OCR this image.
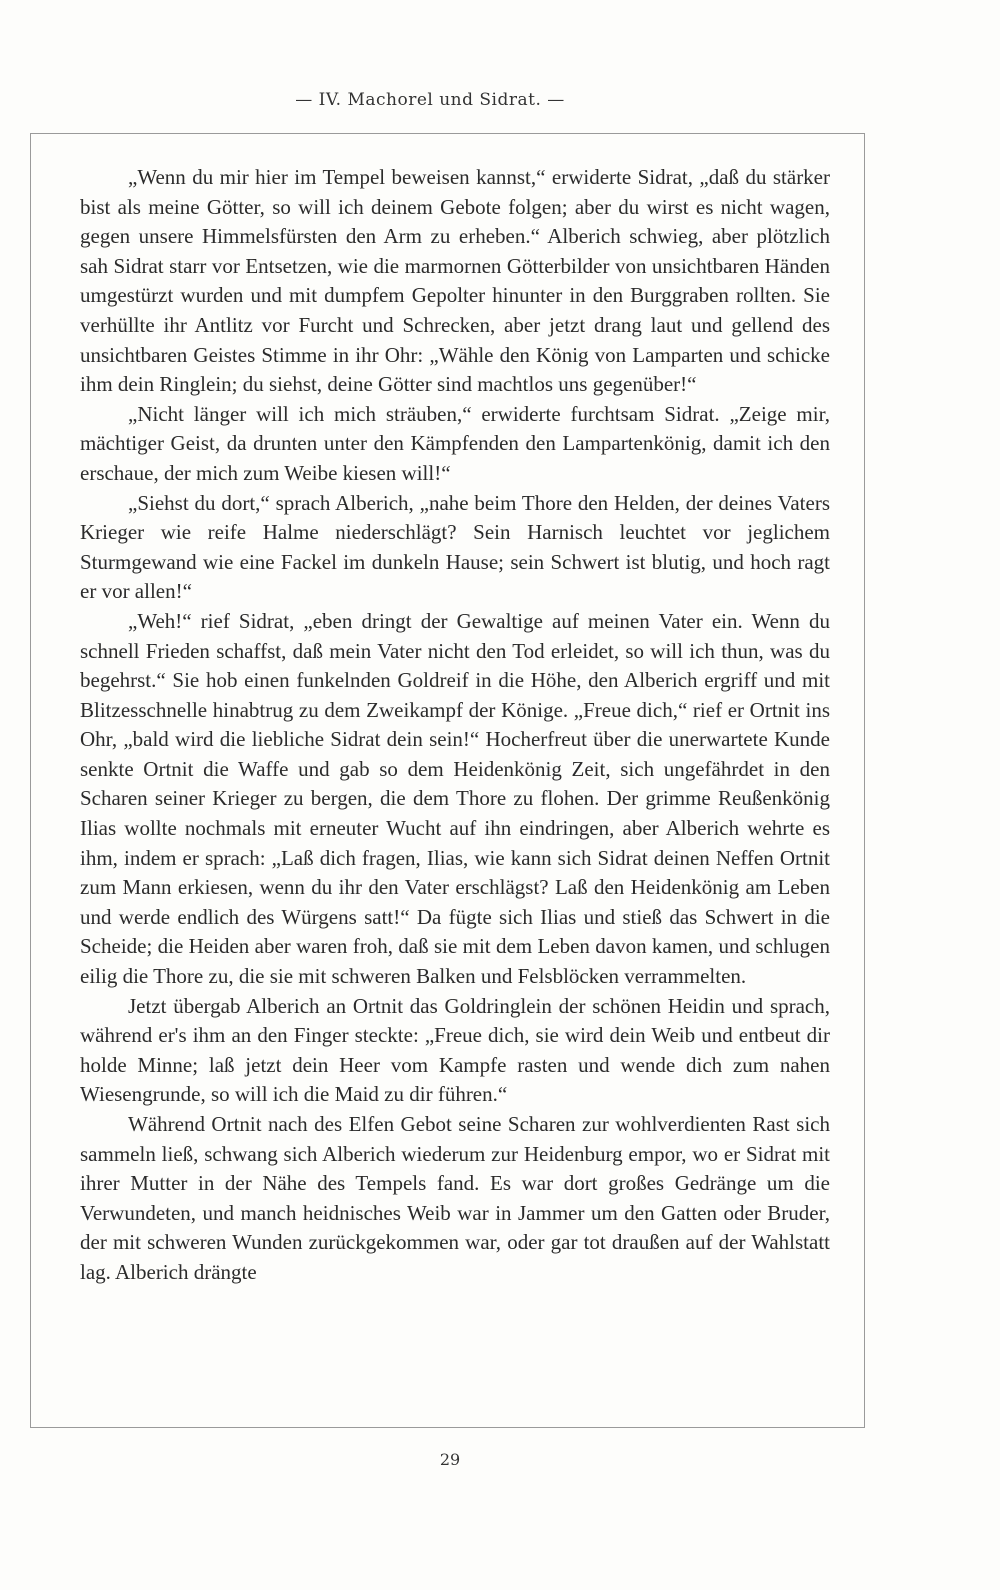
— IV. Machorel und Sidrat. —

„Wenn du mir hier im Tempel beweisen kannst,“ erwiderte Sidrat, „daß du stärker bist als meine Götter, so will ich deinem Gebote folgen; aber du wirst es nicht wagen, gegen unsere Himmelsfürsten den Arm zu erheben.“ Alberich schwieg, aber plötzlich sah Sidrat starr vor Entsetzen, wie die marmornen Götterbilder von unsichtbaren Händen umgestürzt wurden und mit dumpfem Gepolter hinunter in den Burggraben rollten. Sie verhüllte ihr Antlitz vor Furcht und Schrecken, aber jetzt drang laut und gellend des unsichtbaren Geistes Stimme in ihr Ohr: „Wähle den König von Lamparten und schicke ihm dein Ringlein; du siehst, deine Götter sind machtlos uns gegenüber!“

„Nicht länger will ich mich sträuben,“ erwiderte furchtsam Sidrat. „Zeige mir, mächtiger Geist, da drunten unter den Kämpfenden den Lampartenkönig, damit ich den erschaue, der mich zum Weibe kiesen will!“

„Siehst du dort,“ sprach Alberich, „nahe beim Thore den Helden, der deines Vaters Krieger wie reife Halme niederschlägt? Sein Harnisch leuchtet vor jeglichem Sturmgewand wie eine Fackel im dunkeln Hause; sein Schwert ist blutig, und hoch ragt er vor allen!“

„Weh!“ rief Sidrat, „eben dringt der Gewaltige auf meinen Vater ein. Wenn du schnell Frieden schaffst, daß mein Vater nicht den Tod erleidet, so will ich thun, was du begehrst.“ Sie hob einen funkelnden Goldreif in die Höhe, den Alberich ergriff und mit Blitzesschnelle hinabtrug zu dem Zweikampf der Könige. „Freue dich,“ rief er Ortnit ins Ohr, „bald wird die liebliche Sidrat dein sein!“ Hocherfreut über die unerwartete Kunde senkte Ortnit die Waffe und gab so dem Heidenkönig Zeit, sich ungefährdet in den Scharen seiner Krieger zu bergen, die dem Thore zu flohen. Der grimme Reußenkönig Ilias wollte nochmals mit erneuter Wucht auf ihn eindringen, aber Alberich wehrte es ihm, indem er sprach: „Laß dich fragen, Ilias, wie kann sich Sidrat deinen Neffen Ortnit zum Mann erkiesen, wenn du ihr den Vater erschlägst? Laß den Heidenkönig am Leben und werde endlich des Würgens satt!“ Da fügte sich Ilias und stieß das Schwert in die Scheide; die Heiden aber waren froh, daß sie mit dem Leben davon kamen, und schlugen eilig die Thore zu, die sie mit schweren Balken und Felsblöcken verrammelten.

Jetzt übergab Alberich an Ortnit das Goldringlein der schönen Heidin und sprach, während er's ihm an den Finger steckte: „Freue dich, sie wird dein Weib und entbeut dir holde Minne; laß jetzt dein Heer vom Kampfe rasten und wende dich zum nahen Wiesengrunde, so will ich die Maid zu dir führen.“

Während Ortnit nach des Elfen Gebot seine Scharen zur wohlverdienten Rast sich sammeln ließ, schwang sich Alberich wiederum zur Heidenburg empor, wo er Sidrat mit ihrer Mutter in der Nähe des Tempels fand. Es war dort großes Gedränge um die Verwundeten, und manch heidnisches Weib war in Jammer um den Gatten oder Bruder, der mit schweren Wunden zurückgekommen war, oder gar tot draußen auf der Wahlstatt lag. Alberich drängte

29
